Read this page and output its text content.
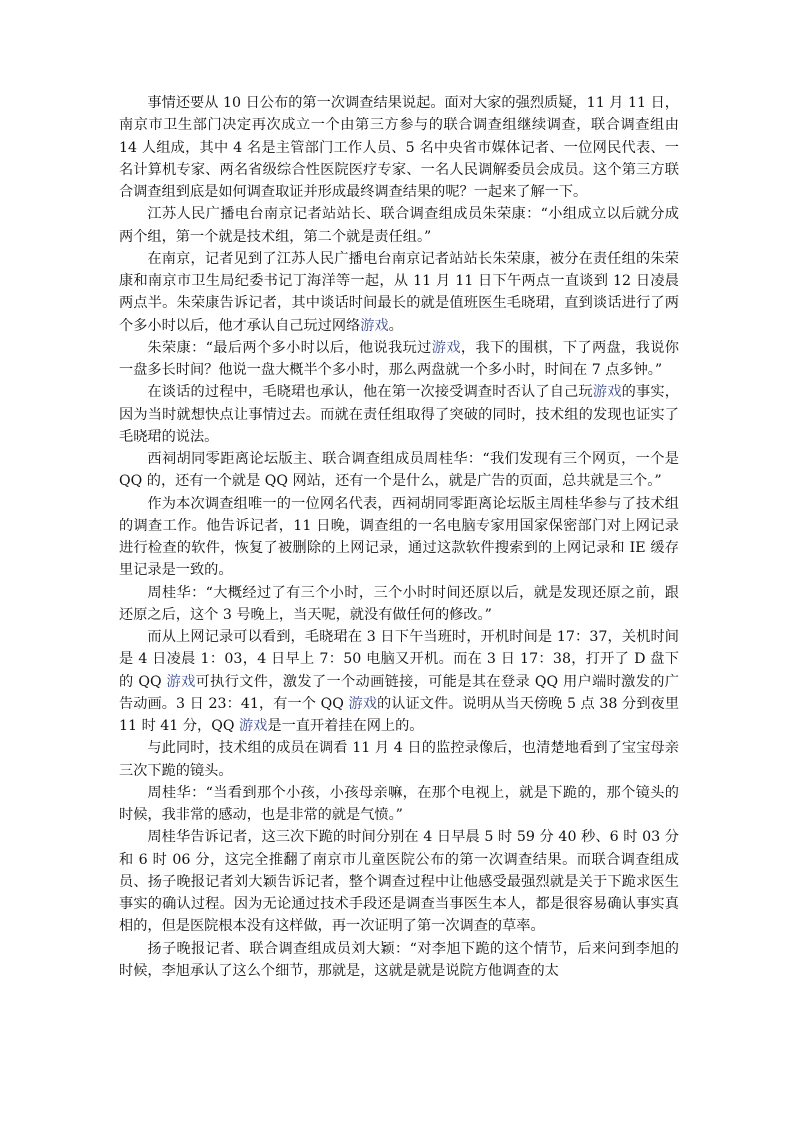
事情还要从 10 日公布的第一次调查结果说起。面对大家的强烈质疑，11 月 11 日，南京市卫生部门决定再次成立一个由第三方参与的联合调查组继续调查，联合调查组由 14 人组成，其中 4 名是主管部门工作人员、5 名中央省市媒体记者、一位网民代表、一名计算机专家、两名省级综合性医院医疗专家、一名人民调解委员会成员。这个第三方联合调查组到底是如何调查取证并形成最终调查结果的呢？一起来了解一下。

江苏人民广播电台南京记者站站长、联合调查组成员朱荣康：“小组成立以后就分成两个组，第一个就是技术组，第二个就是责任组。”

在南京，记者见到了江苏人民广播电台南京记者站站长朱荣康，被分在责任组的朱荣康和南京市卫生局纪委书记丁海洋等一起，从 11 月 11 日下午两点一直谈到 12 日凌晨两点半。朱荣康告诉记者，其中谈话时间最长的就是值班医生毛晓珺，直到谈话进行了两个多小时以后，他才承认自己玩过网络游戏。

朱荣康：“最后两个多小时以后，他说我玩过游戏，我下的围棋，下了两盘，我说你一盘多长时间？他说一盘大概半个多小时，那么两盘就一个多小时，时间在 7 点多钟。”

在谈话的过程中，毛晓珺也承认，他在第一次接受调查时否认了自己玩游戏的事实，因为当时就想快点让事情过去。而就在责任组取得了突破的同时，技术组的发现也证实了毛晓珺的说法。

西祠胡同零距离论坛版主、联合调查组成员周桂华：“我们发现有三个网页，一个是 QQ 的，还有一个就是 QQ 网站，还有一个是什么，就是广告的页面，总共就是三个。”

作为本次调查组唯一的一位网名代表，西祠胡同零距离论坛版主周桂华参与了技术组的调查工作。他告诉记者，11 日晚，调查组的一名电脑专家用国家保密部门对上网记录进行检查的软件，恢复了被删除的上网记录，通过这款软件搜索到的上网记录和 IE 缓存里记录是一致的。

周桂华：“大概经过了有三个小时，三个小时时间还原以后，就是发现还原之前，跟还原之后，这个 3 号晚上，当天呢，就没有做任何的修改。”

而从上网记录可以看到，毛晓珺在 3 日下午当班时，开机时间是 17：37，关机时间是 4 日凌晨 1：03，4 日早上 7：50 电脑又开机。而在 3 日 17：38，打开了 D 盘下的 QQ 游戏可执行文件，激发了一个动画链接，可能是其在登录 QQ 用户端时激发的广告动画。3 日 23：41，有一个 QQ 游戏的认证文件。说明从当天傍晚 5 点 38 分到夜里 11 时 41 分，QQ 游戏是一直开着挂在网上的。

与此同时，技术组的成员在调看 11 月 4 日的监控录像后，也清楚地看到了宝宝母亲三次下跪的镜头。

周桂华：“当看到那个小孩，小孩母亲嘛，在那个电视上，就是下跪的，那个镜头的时候，我非常的感动，也是非常的就是气愤。”

周桂华告诉记者，这三次下跪的时间分别在 4 日早晨 5 时 59 分 40 秒、6 时 03 分和 6 时 06 分，这完全推翻了南京市儿童医院公布的第一次调查结果。而联合调查组成员、扬子晚报记者刘大颖告诉记者，整个调查过程中让他感受最强烈就是关于下跪求医生事实的确认过程。因为无论通过技术手段还是调查当事医生本人，都是很容易确认事实真相的，但是医院根本没有这样做，再一次证明了第一次调查的草率。

扬子晚报记者、联合调查组成员刘大颖：“对李旭下跪的这个情节，后来问到李旭的时候，李旭承认了这么个细节，那就是，这就是就是说院方他调查的太
